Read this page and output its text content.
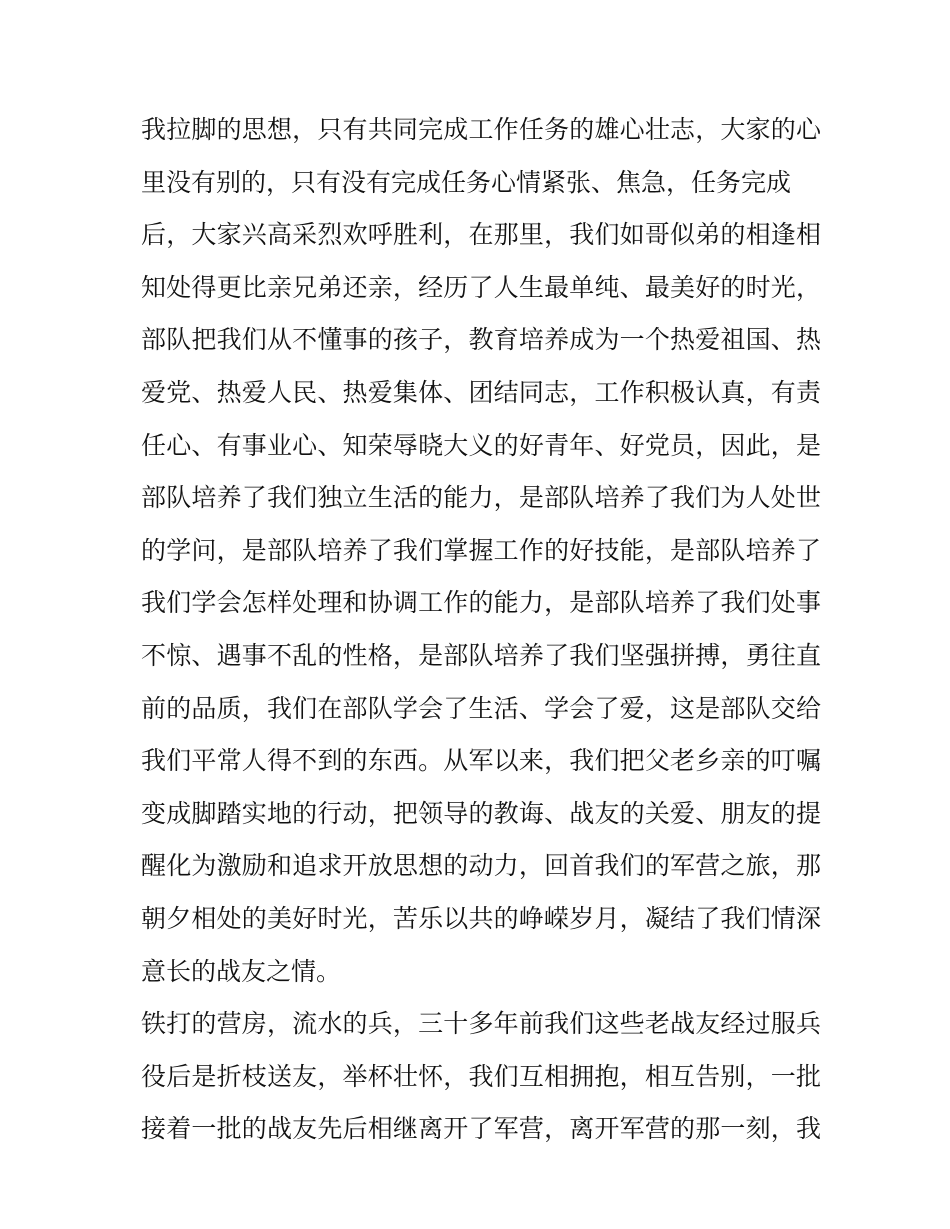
我拉脚的思想，只有共同完成工作任务的雄心壮志，大家的心
里没有别的，只有没有完成任务心情紧张、焦急，任务完成
后，大家兴高采烈欢呼胜利，在那里，我们如哥似弟的相逢相
知处得更比亲兄弟还亲，经历了人生最单纯、最美好的时光，
部队把我们从不懂事的孩子，教育培养成为一个热爱祖国、热
爱党、热爱人民、热爱集体、团结同志，工作积极认真，有责
任心、有事业心、知荣辱晓大义的好青年、好党员，因此，是
部队培养了我们独立生活的能力，是部队培养了我们为人处世
的学问，是部队培养了我们掌握工作的好技能，是部队培养了
我们学会怎样处理和协调工作的能力，是部队培养了我们处事
不惊、遇事不乱的性格，是部队培养了我们坚强拼搏，勇往直
前的品质，我们在部队学会了生活、学会了爱，这是部队交给
我们平常人得不到的东西。从军以来，我们把父老乡亲的叮嘱
变成脚踏实地的行动，把领导的教诲、战友的关爱、朋友的提
醒化为激励和追求开放思想的动力，回首我们的军营之旅，那
朝夕相处的美好时光，苦乐以共的峥嵘岁月，凝结了我们情深
意长的战友之情。
铁打的营房，流水的兵，三十多年前我们这些老战友经过服兵
役后是折枝送友，举杯壮怀，我们互相拥抱，相互告别，一批
接着一批的战友先后相继离开了军营，离开军营的那一刻，我
